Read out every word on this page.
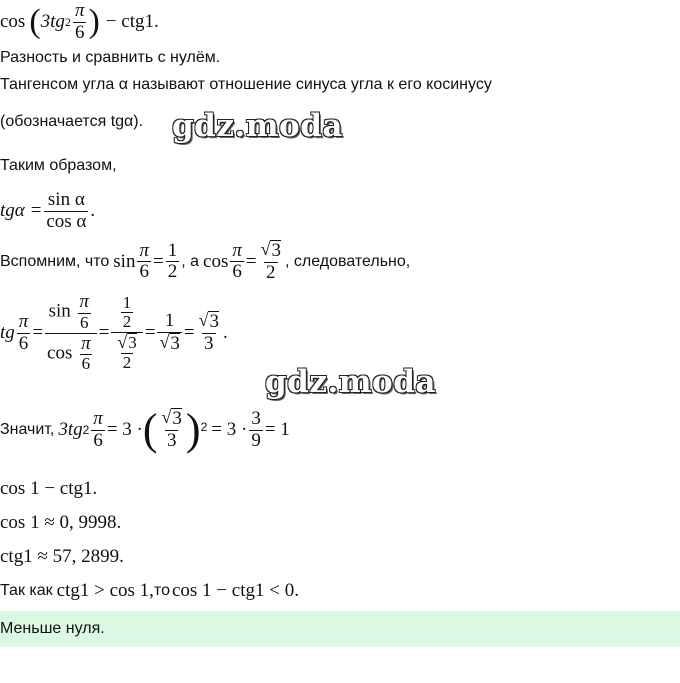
cos ( 3tg $2 \frac{\pi}{6}$ ) − ctg1.
Разность и сравнить с нулём.
Тангенсом угла α называют отношение синуса угла к его косинусу
(обозначается tgα). gdz.moda
Таким образом,
$tg\alpha = \frac{\text{sin α}}{\text{cos α}}$ .
Вспомним, что $\sin \frac{\pi}{6} = \frac{1}{2}$ , а $\cos \frac{\pi}{6} = \frac{√ 3}{2}$ , следовательно,
tg $\frac{\pi}{6} = \frac{\sin \frac{\pi}{6}}{\cos \frac{\pi}{6}} = \frac{\frac{1}{2}}{\frac{√ 3}{2}} = \frac{1}{√ 3} = \frac{√ 3}{3}$ .
gdz.moda
Значит, 3tg $2 \frac{\pi}{6} = 3$ · ( $\frac{√ 3}{3}$ ) $2 = 3 \cdot \frac{3}{9} = 1$
cos 1 − ctg1.
cos 1 ≈ 0, 9998.
ctg1 ≈ 57, 2899.
Так как ctg1 > cos 1, то cos 1 − ctg1 < 0.
Меньше нуля.
